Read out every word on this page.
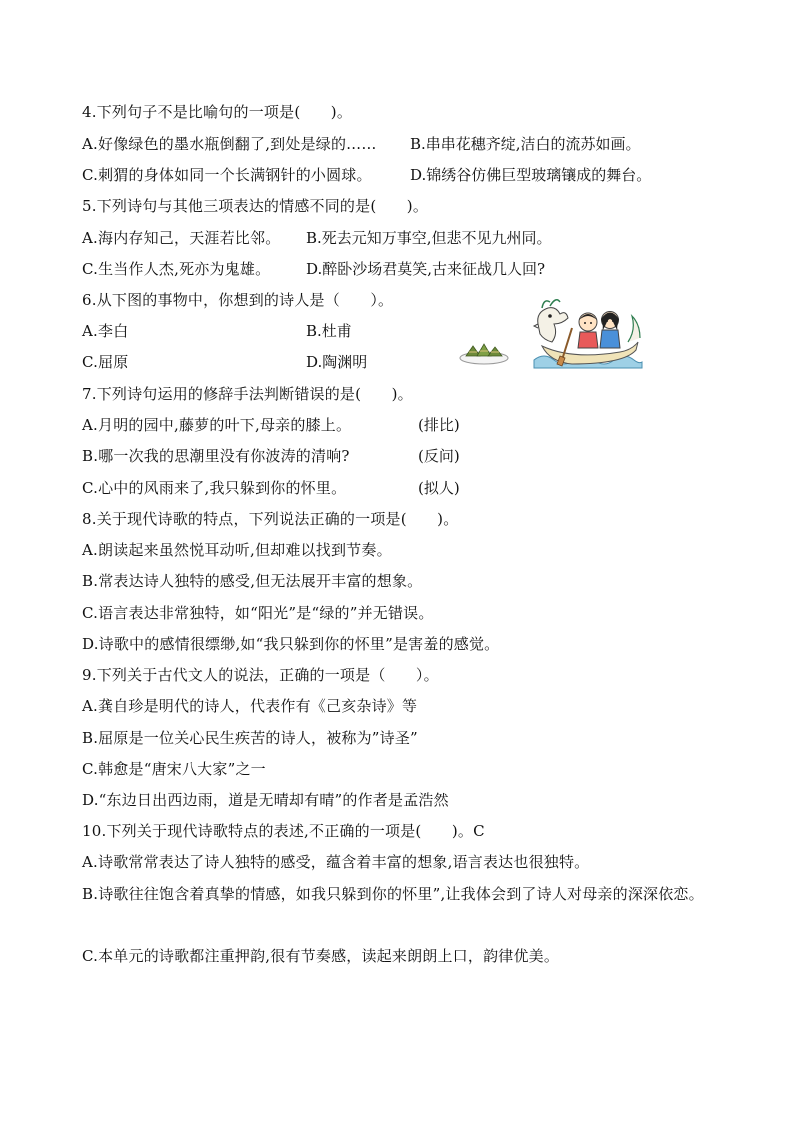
4.下列句子不是比喻句的一项是(　　)。
A.好像绿色的墨水瓶倒翻了,到处是绿的…… B.串串花穗齐绽,洁白的流苏如画。
C.刺猬的身体如同一个长满钢针的小圆球。	D.锦绣谷仿佛巨型玻璃镶成的舞台。
5.下列诗句与其他三项表达的情感不同的是(　　)。
A.海内存知己，天涯若比邻。 B.死去元知万事空,但悲不见九州同。
C.生当作人杰,死亦为鬼雄。 D.醉卧沙场君莫笑,古来征战几人回?
6.从下图的事物中，你想到的诗人是（　　）。
A.李白	B.杜甫
C.屈原	D.陶渊明
7.下列诗句运用的修辞手法判断错误的是(　　)。
A.月明的园中,藤萝的叶下,母亲的膝上。	(排比)
B.哪一次我的思潮里没有你波涛的清响?	(反问)
C.心中的风雨来了,我只躲到你的怀里。	(拟人)
8.关于现代诗歌的特点，下列说法正确的一项是(　　)。
A.朗读起来虽然悦耳动听,但却难以找到节奏。
B.常表达诗人独特的感受,但无法展开丰富的想象。
C.语言表达非常独特，如“阳光”是“绿的”并无错误。
D.诗歌中的感情很缥缈,如“我只躲到你的怀里”是害羞的感觉。
9.下列关于古代文人的说法，正确的一项是（　　）。
A.龚自珍是明代的诗人，代表作有《己亥杂诗》等
B.屈原是一位关心民生疾苦的诗人，被称为”诗圣”
C.韩愈是“唐宋八大家”之一
D.“东边日出西边雨，道是无晴却有晴”的作者是孟浩然
10.下列关于现代诗歌特点的表述,不正确的一项是(　　)。C
A.诗歌常常表达了诗人独特的感受，蕴含着丰富的想象,语言表达也很独特。
B.诗歌往往饱含着真挚的情感，如我只躲到你的怀里”,让我体会到了诗人对母亲的深深依恋。
C.本单元的诗歌都注重押韵,很有节奏感，读起来朗朗上口，韵律优美。
